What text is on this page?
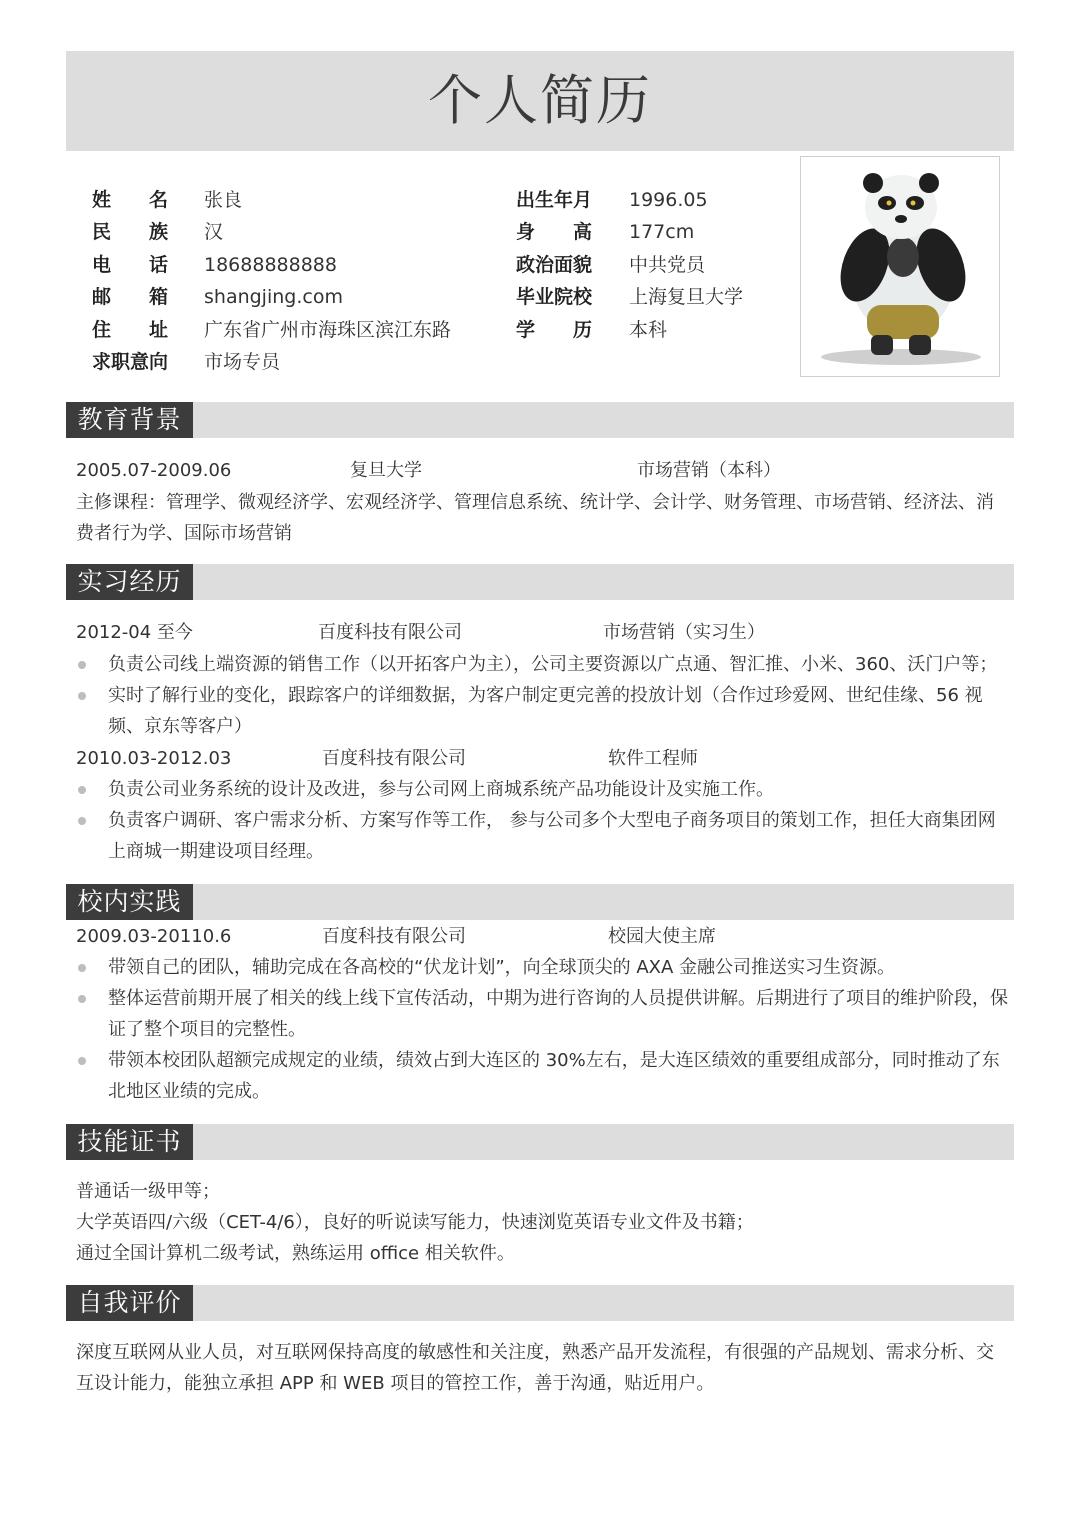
个人简历
姓 名 张良
民 族 汉
电 话 18688888888
邮 箱 shangjing.com
住 址 广东省广州市海珠区滨江东路
求职意向 市场专员
出生年月 1996.05
身 高 177cm
政治面貌 中共党员
毕业院校 上海复旦大学
学 历 本科
教育背景
2005.07-2009.06	复旦大学	市场营销（本科）
主修课程：管理学、微观经济学、宏观经济学、管理信息系统、统计学、会计学、财务管理、市场营销、经济法、消费者行为学、国际市场营销
实习经历
2012-04 至今	百度科技有限公司	市场营销（实习生）
负责公司线上端资源的销售工作（以开拓客户为主），公司主要资源以广点通、智汇推、小米、360、沃门户等；
实时了解行业的变化，跟踪客户的详细数据，为客户制定更完善的投放计划（合作过珍爱网、世纪佳缘、56 视频、京东等客户）
2010.03-2012.03	百度科技有限公司	软件工程师
负责公司业务系统的设计及改进，参与公司网上商城系统产品功能设计及实施工作。
负责客户调研、客户需求分析、方案写作等工作， 参与公司多个大型电子商务项目的策划工作，担任大商集团网上商城一期建设项目经理。
校内实践
2009.03-20110.6	百度科技有限公司	校园大使主席
带领自己的团队，辅助完成在各高校的“伏龙计划”，向全球顶尖的 AXA 金融公司推送实习生资源。
整体运营前期开展了相关的线上线下宣传活动，中期为进行咨询的人员提供讲解。后期进行了项目的维护阶段，保证了整个项目的完整性。
带领本校团队超额完成规定的业绩，绩效占到大连区的 30%左右，是大连区绩效的重要组成部分，同时推动了东北地区业绩的完成。
技能证书
普通话一级甲等；
大学英语四/六级（CET-4/6），良好的听说读写能力，快速浏览英语专业文件及书籍；
通过全国计算机二级考试，熟练运用 office 相关软件。
自我评价
深度互联网从业人员，对互联网保持高度的敏感性和关注度，熟悉产品开发流程，有很强的产品规划、需求分析、交互设计能力，能独立承担 APP 和 WEB 项目的管控工作，善于沟通，贴近用户。
